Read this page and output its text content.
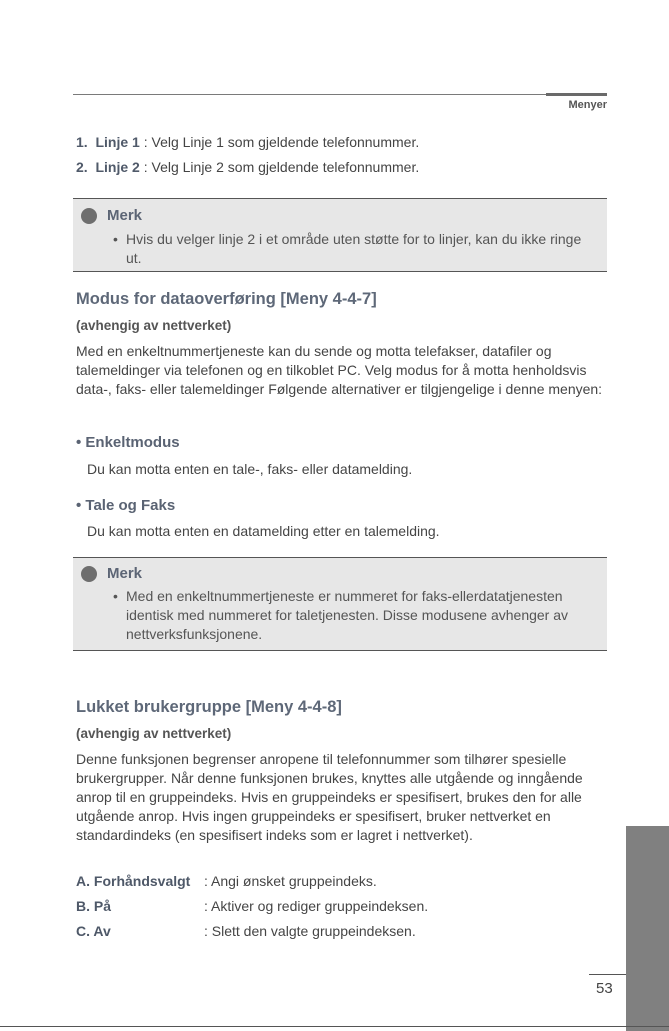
Menyer
1. Linje 1 : Velg Linje 1 som gjeldende telefonnummer.
2. Linje 2 : Velg Linje 2 som gjeldende telefonnummer.
Merk
• Hvis du velger linje 2 i et område uten støtte for to linjer, kan du ikke ringe ut.
Modus for dataoverføring [Meny 4-4-7]
(avhengig av nettverket)
Med en enkeltnummertjeneste kan du sende og motta telefakser, datafiler og talemeldinger via telefonen og en tilkoblet PC. Velg modus for å motta henholdsvis data-, faks- eller talemeldinger Følgende alternativer er tilgjengelige i denne menyen:
• Enkeltmodus
Du kan motta enten en tale-, faks- eller datamelding.
• Tale og Faks
Du kan motta enten en datamelding etter en talemelding.
Merk
• Med en enkeltnummertjeneste er nummeret for faks-ellerdatatjenesten identisk med nummeret for taletjenesten. Disse modusene avhenger av nettverksfunksjonene.
Lukket brukergruppe [Meny 4-4-8]
(avhengig av nettverket)
Denne funksjonen begrenser anropene til telefonnummer som tilhører spesielle brukergrupper. Når denne funksjonen brukes, knyttes alle utgående og inngående anrop til en gruppeindeks. Hvis en gruppeindeks er spesifisert, brukes den for alle utgående anrop. Hvis ingen gruppeindeks er spesifisert, bruker nettverket en standardindeks (en spesifisert indeks som er lagret i nettverket).
A. Forhåndsvalgt : Angi ønsket gruppeindeks.
B. På	: Aktiver og rediger gruppeindeksen.
C. Av	: Slett den valgte gruppeindeksen.
53
